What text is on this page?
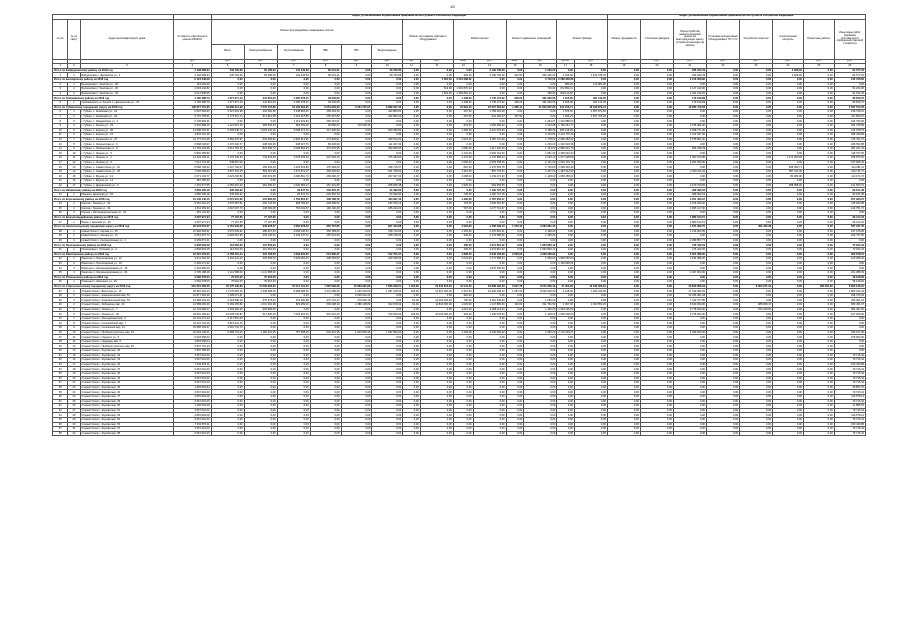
10
				Виды, установленные нормативным правовым актом субъекта Российской Федерации														Виды, установленные нормативным правовым актом субъекта Российской Федерации							
№ п/п	№ по сайту	Адрес многоквартирного дома	Стоимость капитального ремонта ВСЕГО	Ремонт внутридомовых инженерных систем						Ремонт или замена лифтового оборудования		Ремонт крыши		Ремонт подвальных помещений		Ремонт фасада		Ремонт фундамента	Утепление фасадов	Переустройство невентилируемой крыши на вентилируемую крышу, устройство выходов на кровлю	Установка коллективных (общедомовых) ПУ и УУ	Устройство отмостки	Строительный контроль	Проектные работы	Иные виды работ (проверка достоверности определения сметной стоимости)
				Всего	Электроснабжение	Теплоснабжение	ХВС	ГВС	Водоотведение																
			руб.	руб.	руб.	руб.	руб.	руб.	руб.	ед.	руб.	кв.м.	руб.	кв.м.	руб.	куб.м.	руб.	руб.	руб.	руб.	руб.	руб.	руб.	руб.	руб.
1	2	3	4	5	6	7	8	9	10	11	12	13	14	15	16	17	18	19	20	21	22	23	24	25	26
Итого по Бейдлуковскому району на 2018 год			4 128 668,94	336 726,69	65 180,00	142 449,59	69 431,21	0,00	59 762,85	0,00	0,00	0,00	3 196 736,28	0,00	1 036,00	0,00	0,00	0,00	0,00	296 180,49	0,00	0,00	3 028,32	0,00	84 577,18
1	1	Бейдлукские с. Деповская ул., 4	4 128 668,94	336 726,69	65 180,00	142 449,59	69 431,21	0,00	59 762,85	0,00	0,00	320,00	3 196 736,28	222,50	363 160,00	1 036,00	1 644 708,78	0,00	0,00	296 180,49	0,00	0,00	3 028,32	0,00	84 577,18
Итого по Белоярскому району на 2018 год			6 124 348,28	0,00	0,00	0,00	0,00	0,00	0,00	0,00	2 081,00	2 254 088,62	0,00	0,00	2 742,00	2 580 958,66	0,00	0,00	0,00	2 126 958,66	0,00	0,00	0,00	0,00	122 726,82
2	1	Белоярская п. Чкалова ул., 28	115 081,00	0,00	0,00	0,00	0,00	0,00	0,00	0,00	0,00	0,00	0,00	0,00	0,00	980,00	110 081,00	0,00	0,00	0,00	0,00	0,00	0,00	0,00	0,00
3	2	Белоярская п. Чкалова ул., 30	3 063 244,82	0,00	0,00	0,00	0,00	0,00	0,00	0,00	519,00	1 291 870,44	0,00	0,00	713,00	372 863,11	0,00	0,00	0,00	1 127 413,00	0,00	0,00	0,00	0,00	51 224,00
4	3	Белоярская п. Чкалова ул., 33	3 017 848,96	0,00	0,00	0,00	0,00	0,00	0,00	0,00	1 562,00	1 269 802,10	0,00	0,00	780,00	299 110,56	0,00	0,00	0,00	1 321 136,25	0,00	0,00	0,00	0,00	61 191,25
Итого по Гребнёвскому району на 2018 год			4 165 388,79	1 377 971,10	244 661,00	1 280 078,21	33 230,59	0,00	0,00	0,00	0,00	1 438,00	1 745 173,92	208,23	361 936,06	1 815,00	261 112,35	0,00	0,00	179 619,89	0,00	0,00	0,00	0,00	89 816,72
5	1	Гребнёвский р-н, Ксения с, Центральная ул., 15	4 165 388,79	1 377 971,10	244 661,00	1 280 078,21	33 230,59	0,00	0,00	0,00	0,00	1 438,00	1 745 173,92	208,23	361 936,06	1 815,00	261 112,35	0,00	0,00	179 619,89	0,00	0,00	0,00	0,00	89 816,72
Итого по Губкинскому городскому округу на 2018 год			106 671 751,65	42 966 314,39	7 579 137,83	16 195 694,05	6 051 963,20	6 344 707,07	6 989 307,30	0,00	0,00	21 024,10	22 527 584,62	1 285,11	21 819 267,69	241 100,71	16 346 879,47	0,00	0,00	19 685 470,66	0,00	0,00	0,00	0,00	2 597 704,78
6	1	г. Губкин, с. Аксёновая ул., 22	6 547 594,93	2 337 591,98	432 360,68	1 248 852,00	259 203,20	0,00	440 883,81	0,00	0,00	297,00	1 789 091,00	0,00	0,00	1 874,10	1 057 673,60	0,00	0,00	0,00	0,00	0,00	0,00	0,00	139 736,10
7	2	г. Губкин, с. Аксёновая ул., 24	5 770 755,61	2 773 611,74	871 813,08	1 201 327,85	287 627,80	0,00	432 805,04	0,00	0,00	297,00	941 183,47	167,50	0,00	1 934,21	1 567 765,00	0,00	0,00	0,00	0,00	0,00	0,00	0,00	117 820,47
8	3	г. Губкин, с. Гвардейская ул., 4	3 706 960,31	0,00	0,00	1 119 929,84	265 157,01	0,00	0,00	0,00	0,00	0,00	0,00	0,00	1 264,07	1 319 888,00	0,00	0,00	0,00	0,00	0,00	0,00	0,00	0,00	104 793,96
9	4	г. Губкин, с. Керона ул., 29	9 662 898,16	1 121 597,16	383 594,29	384 359,00	92 860,03	179 005,26	0,00	0,00	0,00	823,00	1 659 996,43	0,00	2 124,08	1 766 244,77	0,00	0,00	0,00	2 978 484,90	0,00	0,00	0,00	0,00	454 378,89
10	5	г. Губкин, с. Керона ул., 30	14 698 454,31	6 299 948,73	1 063 232,16	3 088 374,76	317 200,00	0,00	600 286,80	0,00	0,00	1 490,00	4 221 076,03	0,00	3 188,00	486 216,05	0,00	0,00	0,00	2 008 771,00	0,00	0,00	0,00	0,00	144 978,76
11	6	г. Губкин, с. Керона ул., 31	3 616 211,18	0,00	0,00	0,00	0,00	0,00	0,00	0,00	0,00	0,00	0,00	0,00	2 119,84	2 413 776,44	0,00	0,00	0,00	1 122 497,00	0,00	0,00	0,00	0,00	488 429,89
12	7	г. Губкин, с. Кумонская ул., 27	14 777 001,48	3 960 370,61	604 369,81	2 965 614,66	474 993,01	0,00	339 164,20	0,00	0,00	1 021,00	3 287 011,98	0,00	1 778,00	2 690 462,63	0,00	0,00	0,00	3 578 861,00	0,00	0,00	0,00	0,00	746 791,72
13	8	г. Губкин, с. Ломоносова ул., 6	3 068 640,97	1 476 230,77	338 200,00	638 027,76	89 496,00	0,00	111 037,00	0,00	0,00	0,00	0,00	0,00	1 230,00	1 319 620,58	0,00	0,00	0,00	0,00	0,00	0,00	0,00	0,00	186 593,88
14	9	г. Губкин, с. Ломоносова ул., 8	11 753 134,28	3 614 781,32	823 696,74	2 008 804,94	372 276,68	0,00	309 008,00	0,00	0,00	1 080,00	1 317 626,49	0,00	1 744,00	2 880 231,70	0,00	0,00	0,00	836 238,39	0,00	0,00	0,00	0,00	281 221,44
15	10	г. Губкин, с. Ленина ул., 5	5 825 455,80	0,00	0,00	0,00	0,00	0,00	0,00	0,00	0,00	1 134,00	2 993 761,00	0,00	1 861,30	2 396 034,34	0,00	0,00	0,00	0,00	0,00	0,00	0,00	0,00	118 797,05
16	11	г. Губкин, с. Ленина ул., 7	12 629 006,11	3 179 220,53	743 644,68	1 678 343,00	247 229,19	0,00	376 183,00	0,00	0,00	1 447,00	1 770 886,04	0,00	2 215,10	1 977 228,89	0,00	0,00	0,00	4 060 970,88	0,00	0,00	1 174 000,00	0,00	258 876,00
17	12	г. Губкин, с. Ленина ул., 9	7 614 772,28	538 567,00	0,00	0,00	0,00	0,00	0,00	0,00	0,00	1 050,00	2 553 058,45	0,00	2 121,00	1 643 716,76	0,00	0,00	0,00	2 063 350,00	0,00	0,00	0,00	0,00	157 905,33
18	13	г. Губкин, с. Севастополь ул., 10	8 568 738,23	2 147 762,07	484 306,09	1 254 533,85	170 268,03	0,00	238 715,07	0,00	0,00	822,00	2 370 562,78	0,00	1 736,80	1 698 333,49	0,00	0,00	0,00	0,00	0,00	0,00	808 380,71	0,00	114 081,11
19	14	г. Губкин, с. Севастополь ул., 25	7 025 699,93	2 837 331,45	552 110,98	1 373 472,47	390 000,00	0,00	521 748,00	0,00	0,00	1 310,00	857 779,51	0,00	2 347,00	1 497 212,57	0,00	0,00	0,00	2 159 311,00	0,00	0,00	807 211,00	0,00	134 711,77
20	15	г. Губкин, с. Фрунзе ул., 12	6 071 443,77	2 023 090,52	400 674,95	1 080 891,70	283 490,27	0,00	297 927,02	0,00	0,00	1 068,00	1 249 471,33	0,00	1 148,00	1 080 155,61	0,00	0,00	0,00	0,00	0,00	0,00	80 083,00	0,00	113 471,76
21	16	г. Губкин, с. Фрунзе ул., 14	287 495,00	0,00	0,00	0,00	0,00	0,00	0,00	0,00	0,00	0,00	0,00	0,00	0,00	0,00	0,00	0,00	0,00	0,00	0,00	0,00	0,00	0,00	0,00
22	17	г. Губкин, с. Деревенская ул., 6	7 415 377,55	2 256 931,03	481 390,37	1 030 983,12	257 201,80	0,00	268 635,38	0,00	0,00	1 925,00	963 656,65	0,00	0,00	0,00	0,00	0,00	0,00	2 160 379,69	0,00	0,00	688 388,00	0,00	122 553,72
Итого по Ивнянскому району на 2018 год			4 856 395,18	335 493,32	0,00	39 647,79	232 352,73	0,00	63 492,80	0,00	0,00	0,00	1 160 727,18	0,00	0,00	0,00	0,00	0,00	0,00	489 092,63	0,00	0,00	0,00	0,00	93 151,38
23	1	Ивнянск. Денисова ул., 6б	4 856 395,18	335 493,32	0,00	39 647,79	232 352,73	0,00	63 492,80	0,00	0,00	736,00	1 160 727,18	0,00	0,00	0,00	0,00	0,00	0,00	489 092,63	0,00	0,00	0,00	0,00	93 151,38
Итого по Корочанскому району на 2018 год			10 446 446,16	2 537 915,02	401 826,08	1 750 854,27	438 788,79	0,00	424 997,40	0,00	0,00	1 390,30	2 787 064,17	0,00	0,00	0,00	0,00	0,00	0,00	4 051 420,67	0,00	0,00	0,00	0,00	257 933,07
24	1	Короча г, Ленина ул., 32	5 554 151,23	1 570 997,51	263 744,00	998 799,30	248 396,03	0,00	239 752,13	0,00	0,00	793,00	1 509 362,50	0,00	0,00	0,00	0,00	0,00	0,00	2 156 294,00	0,00	0,00	0,00	0,00	115 182,98
25	2	Короча г, Ленина ул., 34	4 611 153,33	1 016 907,73	138 082,08	752 041,57	182 192,40	0,00	185 244,03	0,00	0,00	597,00	1 277 701,67	0,00	0,00	0,00	0,00	0,00	0,00	1 895 127,00	0,00	0,00	0,00	0,00	142 751,72
26	3	Короча г, Интернациональная ул., 33	281 141,60	0,00	0,00	0,00	0,00	0,00	0,00	0,00	0,00	0,00	0,00	0,00	0,00	0,00	0,00	0,00	0,00	0,00	0,00	0,00	0,00	0,00	0,00
Итого по Красногвардейскому району на 2018 год			3 697 971,34	77 197,65	77 197,65	0,00	0,00	0,00	0,00	0,00	0,00	0,00	0,00	0,00	0,00	0,00	0,00	0,00	0,00	1 880 614,51	0,00	0,00	0,00	0,00	69 414,42
27	1	Бирюч г, Красная ул., 66	3 697 971,34	77 197,65	77 197,65	0,00	0,00	0,00	0,00	0,00	0,00	0,00	0,00	0,00	0,00	0,00	0,00	0,00	0,00	1 880 614,51	0,00	0,00	0,00	0,00	69 414,42
Итого по Новооскольскому городскому округу на 2018 год			20 543 654,27	9 154 039,60	648 978,27	4 960 278,22	865 767,85	0,00	827 434,88	0,00	0,00	2 094,60	4 458 599,13	1 346,10	3 963 081,34	0,00	0,00	0,00	0,00	1 871 902,70	0,00	496 422,28	0,00	0,00	507 247,45
28	1	Новый Оскол г, Кирова ул., 35	12 992 936,91	4 570 009,62	485 427,00	3 098 140,31	360 789,00	0,00	318 712,00	0,00	0,00	1 154,00	2 476 891,41	0,00	2 198,00	0,00	0,00	0,00	0,00	1 218 964,05	0,00	0,00	0,00	0,00	197 076,28
29	2	Новый Оскол г, Ленина ул., 11	9 551 975,73	2 993 516,36	233 146,01	2 239 137,11	287 021,00	0,00	208 718,00	0,00	0,00	930,60	2 179 588,46	0,00	1 065,00	0,00	0,00	0,00	0,00	0,00	0,00	0,00	0,00	0,00	109 737,50
30	3	Новый Оскол г, Кооперативная ул., 1	3 609 871,31	0,00	0,00	0,00	0,00	0,00	0,00	0,00	0,00	0,00	0,00	0,00	0,00	0,00	0,00	0,00	0,00	3 389 857,77	0,00	0,00	0,00	0,00	0,00
Итого по Прохоровскому району на 2018 год			2 848 903,28	112 062,00	112 062,00	0,00	0,00	0,00	0,00	0,00	0,00	490,00	1 974 861,42	0,00	1 964 863,12	0,00	0,00	0,00	0,00	476 422,00	0,00	0,00	0,00	0,00	70 043,43
31	1	Прохоровка п, Полевая ул., 2	2 848 903,28	112 062,00	112 062,00	0,00	0,00	0,00	0,00	0,00	0,00	490,00	1 974 861,42	0,00	1 964 863,12	0,00	0,00	0,00	0,00	476 422,00	0,00	0,00	0,00	0,00	70 043,43
Итого по Ракитянскому району на 2018 год			16 591 454,25	3 158 321,44	503 793,50	1 639 934,60	501 936,27	0,00	512 751,07	0,00	0,00	1 698,40	3 946 193,28	2 566,00	4 238 268,90	0,00	0,00	0,00	0,00	3 451 386,00	0,00	0,00	0,00	0,00	306 678,51
32	1	Ракитное п, Пролетарская ул., 12	9 611 294,46	3 144 241,44	402 593,00	1 939 084,00	308 456,00	0,00	330 168,00	0,00	0,00	1 023,00	1 771 588,44	0,00	1 965,00	1 848 660,00	0,00	0,00	0,00	2 194 086,00	0,00	0,00	0,00	0,00	126 286,32
33	2	Ракитное п, Пролетарская ул., 19	2 259 371,32	0,00	0,00	0,00	0,00	0,00	0,00	0,00	0,00	0,00	0,00	0,00	0,00	1 119 608,00	0,00	0,00	0,00	0,00	0,00	0,00	0,00	0,00	0,00
34	3	Ракитное п, Железнодорожная ул., 19	2 294 990,00	0,00	0,00	0,00	0,00	0,00	0,00	0,00	0,00	0,00	1 870 005,00	0,00	0,00	0,00	0,00	0,00	0,00	0,00	0,00	0,00	0,00	0,00	0,00
35	4	Ракитное п, Железнодорожная ул., 23	4 735 188,28	1 141 588,00	1 141 588,00	0,00	0,00	0,00	0,00	0,00	0,00	0,00	0,00	0,00	0,00	0,00	0,00	0,00	0,00	1 407 000,00	0,00	0,00	0,00	0,00	101 388,33
Итого по Ровеньскому району на 2018 год			2 066 478,00	75 016,00	75 016,00	0,00	0,00	0,00	0,00	0,00	0,00	0,00	0,00	0,00	0,00	0,00	0,00	0,00	0,00	0,00	0,00	0,00	0,00	0,00	38 128,02
36	1	Ровеньки п, Шевченко ул., 20	2 066 478,00	75 016,00	75 016,00	0,00	0,00	0,00	0,00	0,00	0,00	0,00	0,00	0,00	0,00	0,00	0,00	0,00	0,00	0,00	0,00	0,00	0,00	0,00	38 128,02
Итого по Старооскольскому городскому округу на 2018 год			216 591 383,55	45 775 435,84	11 509 993,66	15 514 731,10	7 387 983,29	10 869 691,69	7 665 936,61	1 164,00	79 633 015,00	12 541,22	81 898 392,36	5 847,78	8 512 266,46	17 403,00	10 332 466,16	0,00	0,00	40 600 808,33	0,00	8 600 977,43	0,00	485 000,00	8 665 136,31
37	1	Старый Оскол г, Ватутина ул., 13	66 997 492,43	17 070 687,00	2 338 498,00	8 988 088,00	3 372 489,00	1 046 618,00	1 387 418,00	160,00	14 697 000,00	2 410,00	19 484 048,12	1 087,00	8 000 018,00	2 148,00	7 063 440,00	0,00	0,00	17 019 009,00	0,00	0,00	0,00	0,00	1 860 416,44
38	2	Старый Оскол г, Комсомольский мкр, 51	16 877 362,29	7 409 071,41	0,00	0,00	0,00	3 919 001,26	0,00	0,00	0,00	902,00	0,00	0,00	0,00	0,00	0,00	0,00	0,00	13 435 381,08	0,00	0,00	0,00	0,00	458 376,32
39	3	Старый Оскол г, Комсомольский мкр, 53	13 668 204,49	2 318 998,19	676 378,01	373 000,88	372 701,17	279 918,13	0,00	64,00	14 000 000,00	730,00	3 110 036,80	0,00	1 060,00	0,00	0,00	0,00	0,00	7 193 727,85	0,00	0,00	0,00	0,00	336 391,64
40	4	Старый Оскол г, Лебединец мкр, 30	14 989 606,46	5 169 165,82	1 031 391,28	829 289,00	600 298,49	2 388 108,89	333 678,02	64,00	11 840 000,00	1 029,00	1 147 880,00	160,00	611 761,52	1 097,00	1 090 553,29	0,00	0,00	6 630 000,00	0,00	988 908,47	0,00	0,00	580 431,37
41	5	Старый Оскол г, Ленина ул., 7	12 733 382,07	1 502 960,00	503 983,00	0,00	0,00	0,00	0,00	0,00	0,00	1 021,00	2 068 113,00	0,00	1 400,00	1 003 100,00	0,00	0,00	0,00	5 778 500,00	0,00	870 418,00	0,00	0,00	384 407,00
42	6	Старый Оскол г, Ленина ул., 20	23 591 190,92	10 003 040,87	617 820,00	7 026 901,00	901 401,00	0,00	793 000,00	128,00	16 000 000,00	994,00	1 420 078,00	0,00	1 108,00	1 900 000,00	0,00	0,00	0,00	3 378 000,00	0,00	0,00	0,00	0,00	627 000,00
43	7	Старый Оскол г, Молодёжный мкр, 3	23 101 271,23	3 117 851,00	0,00	0,00	0,00	0,00	0,00	0,00	0,00	0,00	0,00	0,00	0,00	0,00	0,00	0,00	0,00	0,00	0,00	0,00	0,00	0,00	0,00
44	8	Старый Оскол г, Олимпийский мкр, 7	15 311 701,09	3 810 941,75	0,00	0,00	0,00	0,00	0,00	0,00	0,00	0,00	0,00	0,00	0,00	0,00	0,00	0,00	0,00	0,00	0,00	0,00	0,00	0,00	0,00
45	9	Старый Оскол г, Солнечный мкр, 13	24 658 193,37	2 591 741,70	0,00	0,00	0,00	0,00	0,00	0,00	0,00	0,00	0,00	0,00	0,00	0,00	0,00	0,00	0,00	0,00	0,00	0,00	0,00	0,00	0,00
46	10	Старый Оскол г, Приборостроитель мкр, 23	20 018 146,21	5 288 741,00	1 182 321,36	757 608,00	664 441,36	1 519 066,36	1 097 594,00	0,00	0,00	1 429,00	2 230 059,62	0,00	1 965,00	2 172 235,07	0,00	0,00	0,00	4 045 820,00	0,00	0,00	0,00	0,00	346 137,00
47	11	Старый Оскол г, Горького ул., 5	6 018 358,60	0,00	0,00	0,00	0,00	0,00	0,00	0,00	0,00	0,00	0,00	0,00	0,00	0,00	0,00	0,00	0,00	0,00	0,00	0,00	0,00	0,00	108 900,00
48	12	Старый Оскол г, Надежды мкр, 5	4 818 098,04	0,00	0,00	0,00	0,00	0,00	0,00	0,00	0,00	0,00	0,00	0,00	0,00	0,00	0,00	0,00	0,00	0,00	0,00	0,00	0,00	0,00	0,00
49	13	Старый Оскол г, Приборостроитель мкр, 26	3 847 710,43	0,00	0,00	0,00	0,00	0,00	0,00	0,00	0,00	0,00	0,00	0,00	0,00	0,00	0,00	0,00	0,00	0,00	0,00	0,00	0,00	0,00	0,00
50	14	Старый Оскол г, Жукова мкр, 30	7 807 486,66	0,00	0,00	0,00	0,00	0,00	0,00	0,00	0,00	0,00	0,00	0,00	0,00	0,00	0,00	0,00	0,00	0,00	0,00	0,00	0,00	0,00	0,00
51	15	Старый Оскол г, Жукова мкр, 32	3 667 010,00	0,00	0,00	0,00	0,00	0,00	0,00	0,00	0,00	0,00	0,00	0,00	0,00	0,00	0,00	0,00	0,00	0,00	0,00	0,00	0,00	0,00	79 715,44
52	16	Старый Оскол г, Жукова мкр, 33	3 667 010,00	0,00	0,00	0,00	0,00	0,00	0,00	0,00	0,00	0,00	0,00	0,00	0,00	0,00	0,00	0,00	0,00	0,00	0,00	0,00	0,00	0,00	79 715,44
53	17	Старый Оскол г, Жукова мкр, 34	7 333 870,11	0,00	0,00	0,00	0,00	0,00	0,00	0,00	0,00	0,00	0,00	0,00	0,00	0,00	0,00	0,00	0,00	0,00	0,00	0,00	0,00	0,00	159 430,88
54	18	Старый Оскол г, Жукова мкр, 37	3 667 010,00	0,00	0,00	0,00	0,00	0,00	0,00	0,00	0,00	0,00	0,00	0,00	0,00	0,00	0,00	0,00	0,00	0,00	0,00	0,00	0,00	0,00	79 715,44
55	19	Старый Оскол г, Жукова мкр, 40	3 667 010,00	0,00	0,00	0,00	0,00	0,00	0,00	0,00	0,00	0,00	0,00	0,00	0,00	0,00	0,00	0,00	0,00	0,00	0,00	0,00	0,00	0,00	79 715,44
56	20	Старый Оскол г, Жукова мкр, 44	3 667 010,00	0,00	0,00	0,00	0,00	0,00	0,00	0,00	0,00	0,00	0,00	0,00	0,00	0,00	0,00	0,00	0,00	0,00	0,00	0,00	0,00	0,00	79 715,44
57	21	Старый Оскол г, Жукова мкр, 45	3 667 010,00	0,00	0,00	0,00	0,00	0,00	0,00	0,00	0,00	0,00	0,00	0,00	0,00	0,00	0,00	0,00	0,00	0,00	0,00	0,00	0,00	0,00	79 715,44
58	22	Старый Оскол г, Жукова мкр, 46	1 833 502,84	0,00	0,00	0,00	0,00	0,00	0,00	0,00	0,00	0,00	0,00	0,00	0,00	0,00	0,00	0,00	0,00	0,00	0,00	0,00	0,00	0,00	39 857,72
59	23	Старый Оскол г, Жукова мкр, 46	3 667 010,00	0,00	0,00	0,00	0,00	0,00	0,00	0,00	0,00	0,00	0,00	0,00	0,00	0,00	0,00	0,00	0,00	0,00	0,00	0,00	0,00	0,00	79 715,44
60	24	Старый Оскол г, Жукова мкр, 47	4 891 802,08	0,00	0,00	0,00	0,00	0,00	0,00	0,00	0,00	0,00	0,00	0,00	0,00	0,00	0,00	0,00	0,00	0,00	0,00	0,00	0,00	0,00	119 578,14
61	25	Старый Оскол г, Жукова мкр, 49	3 667 010,00	0,00	0,00	0,00	0,00	0,00	0,00	0,00	0,00	0,00	0,00	0,00	0,00	0,00	0,00	0,00	0,00	0,00	0,00	0,00	0,00	0,00	79 715,44
62	26	Старый Оскол г, Жукова мкр, 50	1 100 002,08	0,00	0,00	0,00	0,00	0,00	0,00	0,00	0,00	0,00	0,00	0,00	0,00	0,00	0,00	0,00	0,00	0,00	0,00	0,00	0,00	0,00	21 885,15
63	27	Старый Оскол г, Жукова мкр, 51	3 667 010,00	0,00	0,00	0,00	0,00	0,00	0,00	0,00	0,00	0,00	0,00	0,00	0,00	0,00	0,00	0,00	0,00	0,00	0,00	0,00	0,00	0,00	79 715,44
64	28	Старый Оскол г, Жукова мкр, 53	4 891 802,08	0,00	0,00	0,00	0,00	0,00	0,00	0,00	0,00	0,00	0,00	0,00	0,00	0,00	0,00	0,00	0,00	0,00	0,00	0,00	0,00	0,00	119 578,14
65	29	Старый Оскол г, Жукова мкр, 54	3 667 010,00	0,00	0,00	0,00	0,00	0,00	0,00	0,00	0,00	0,00	0,00	0,00	0,00	0,00	0,00	0,00	0,00	0,00	0,00	0,00	0,00	0,00	79 715,44
66	30	Старый Оскол г, Жукова мкр, 56	7 333 870,11	0,00	0,00	0,00	0,00	0,00	0,00	0,00	0,00	0,00	0,00	0,00	0,00	0,00	0,00	0,00	0,00	0,00	0,00	0,00	0,00	0,00	159 430,88
67	31	Старый Оскол г, Жукова мкр, 57	3 667 010,00	0,00	0,00	0,00	0,00	0,00	0,00	0,00	0,00	0,00	0,00	0,00	0,00	0,00	0,00	0,00	0,00	0,00	0,00	0,00	0,00	0,00	79 715,44
68	32	Старый Оскол г, Жукова мкр, 58	3 667 010,00	0,00	0,00	0,00	0,00	0,00	0,00	0,00	0,00	0,00	0,00	0,00	0,00	0,00	0,00	0,00	0,00	0,00	0,00	0,00	0,00	0,00	79 715,44
